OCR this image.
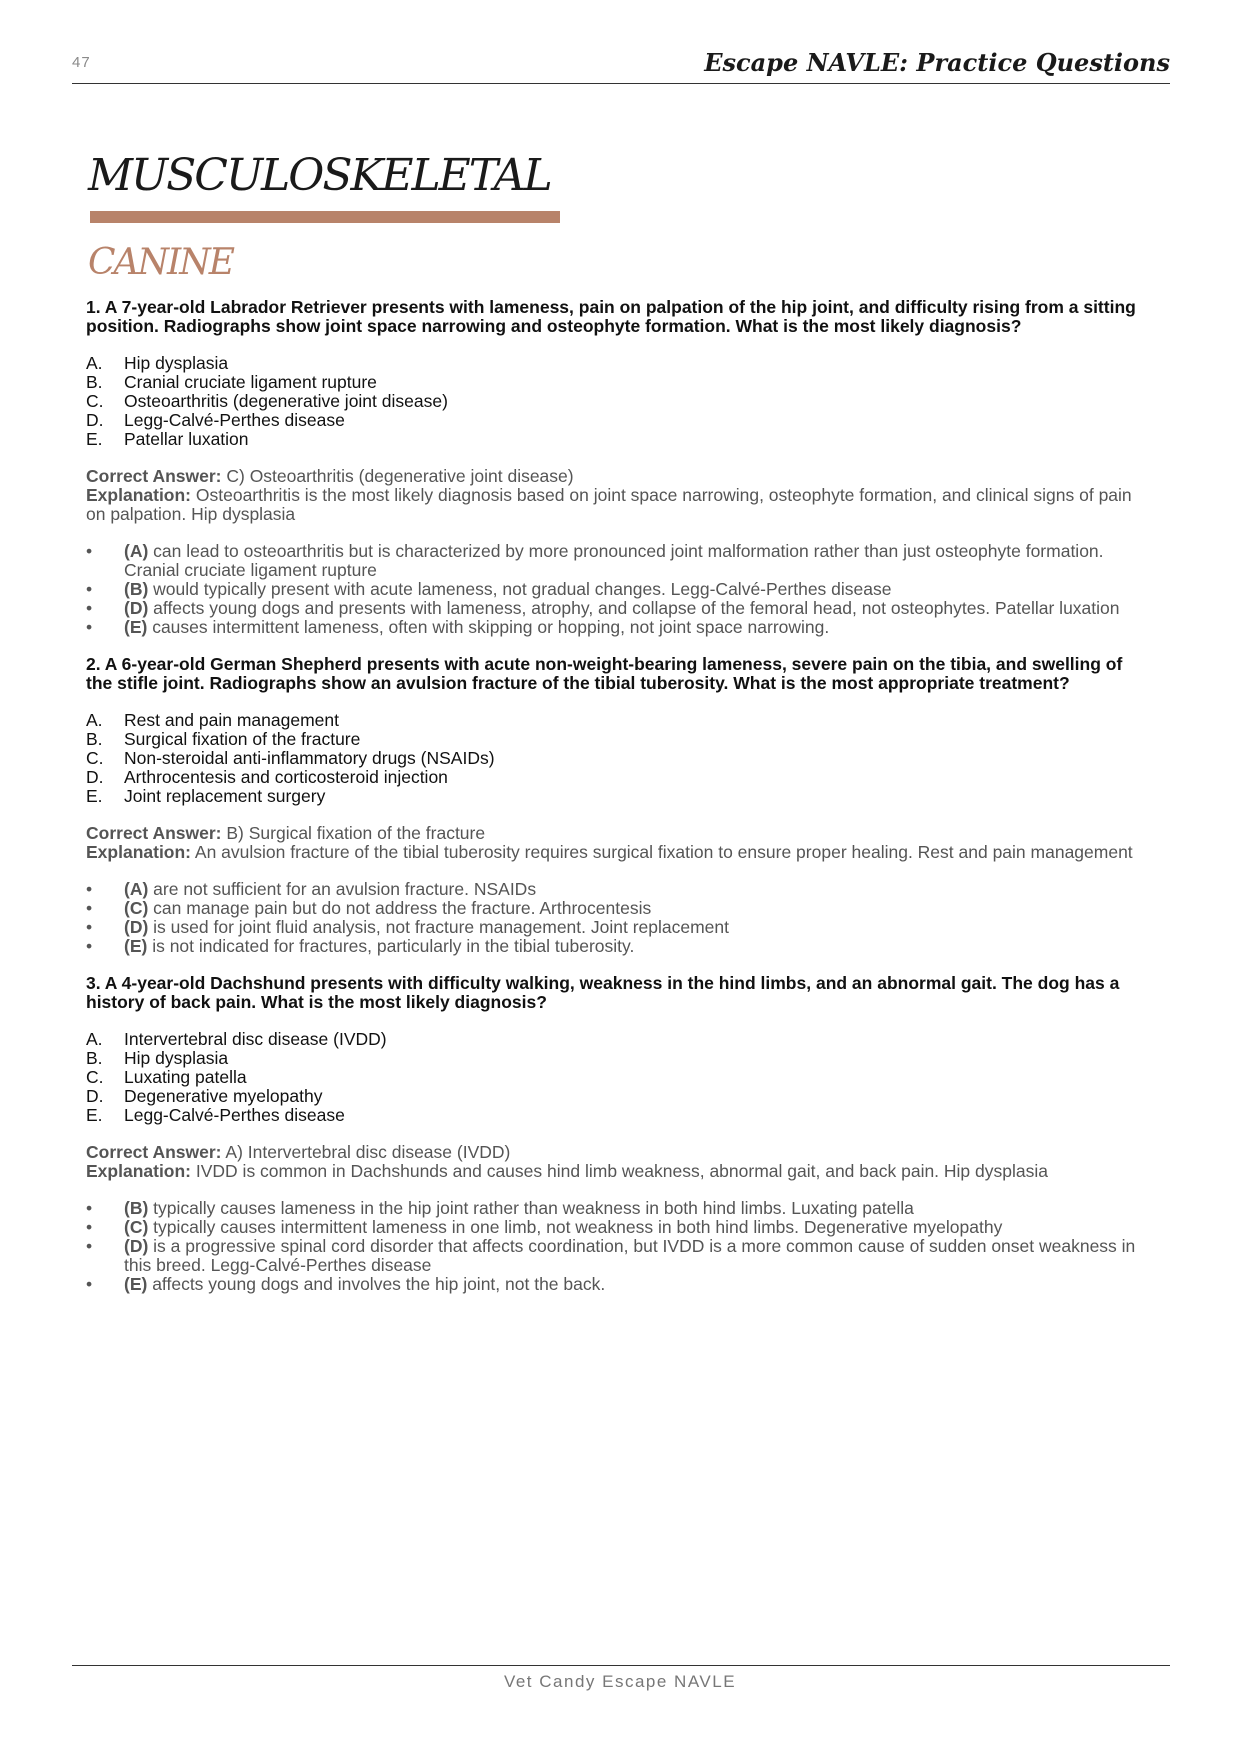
47	Escape NAVLE: Practice Questions
MUSCULOSKELETAL
CANINE

1. A 7-year-old Labrador Retriever presents with lameness, pain on palpation of the hip joint, and difficulty rising from a sitting position. Radiographs show joint space narrowing and osteophyte formation. What is the most likely diagnosis?

A.	Hip dysplasia
B.	Cranial cruciate ligament rupture
C.	Osteoarthritis (degenerative joint disease)
D.	Legg-Calvé-Perthes disease
E.	Patellar luxation
Correct Answer: C) Osteoarthritis (degenerative joint disease)
Explanation: Osteoarthritis is the most likely diagnosis based on joint space narrowing, osteophyte formation, and clinical signs of pain on palpation. Hip dysplasia
•	(A) can lead to osteoarthritis but is characterized by more pronounced joint malformation rather than just osteophyte formation. Cranial cruciate ligament rupture
•	(B) would typically present with acute lameness, not gradual changes. Legg-Calvé-Perthes disease
•	(D) affects young dogs and presents with lameness, atrophy, and collapse of the femoral head, not osteophytes. Patellar luxation
•	(E) causes intermittent lameness, often with skipping or hopping, not joint space narrowing.

2. A 6-year-old German Shepherd presents with acute non-weight-bearing lameness, severe pain on the tibia, and swelling of the stifle joint. Radiographs show an avulsion fracture of the tibial tuberosity. What is the most appropriate treatment?

A.	Rest and pain management
B.	Surgical fixation of the fracture
C.	Non-steroidal anti-inflammatory drugs (NSAIDs)
D.	Arthrocentesis and corticosteroid injection
E.	Joint replacement surgery
Correct Answer: B) Surgical fixation of the fracture
Explanation: An avulsion fracture of the tibial tuberosity requires surgical fixation to ensure proper healing. Rest and pain management
•	(A) are not sufficient for an avulsion fracture. NSAIDs
•	(C) can manage pain but do not address the fracture. Arthrocentesis
•	(D) is used for joint fluid analysis, not fracture management. Joint replacement
•	(E) is not indicated for fractures, particularly in the tibial tuberosity.

3. A 4-year-old Dachshund presents with difficulty walking, weakness in the hind limbs, and an abnormal gait. The dog has a history of back pain. What is the most likely diagnosis?

A.	Intervertebral disc disease (IVDD)
B.	Hip dysplasia
C.	Luxating patella
D.	Degenerative myelopathy
E.	Legg-Calvé-Perthes disease
Correct Answer: A) Intervertebral disc disease (IVDD)
Explanation: IVDD is common in Dachshunds and causes hind limb weakness, abnormal gait, and back pain. Hip dysplasia
•	(B) typically causes lameness in the hip joint rather than weakness in both hind limbs. Luxating patella
•	(C) typically causes intermittent lameness in one limb, not weakness in both hind limbs. Degenerative myelopathy
•	(D) is a progressive spinal cord disorder that affects coordination, but IVDD is a more common cause of sudden onset weakness in this breed. Legg-Calvé-Perthes disease
•	(E) affects young dogs and involves the hip joint, not the back.
Vet Candy Escape NAVLE
